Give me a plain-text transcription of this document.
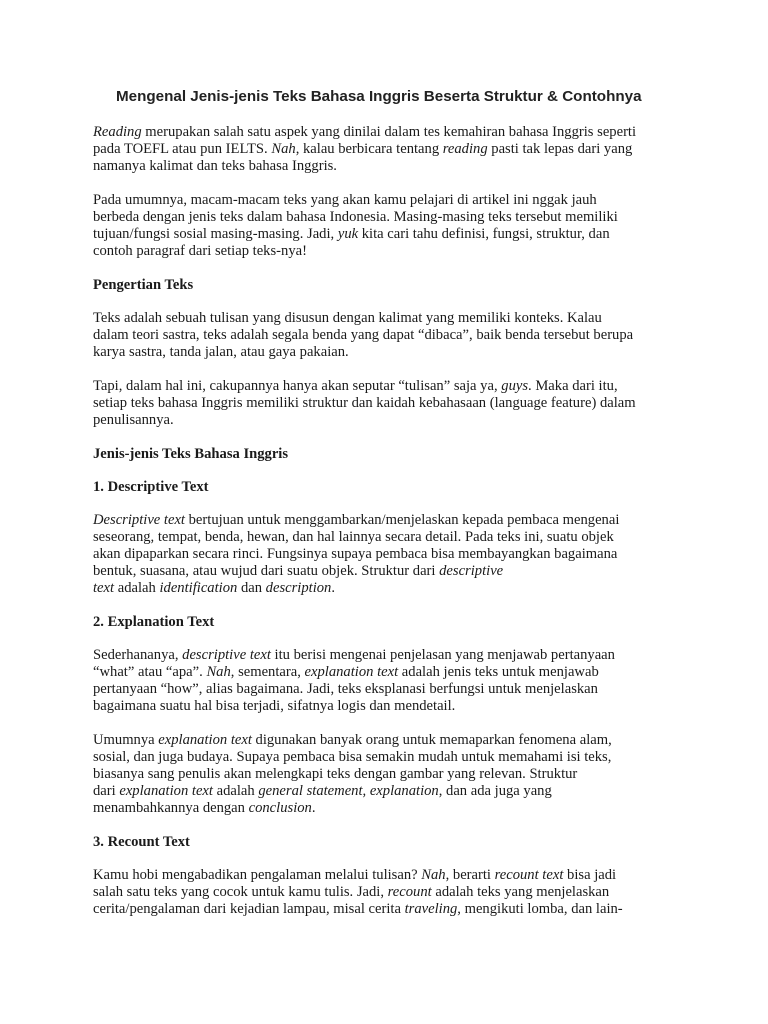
Mengenal Jenis-jenis Teks Bahasa Inggris Beserta Struktur & Contohnya

Reading merupakan salah satu aspek yang dinilai dalam tes kemahiran bahasa Inggris seperti
pada TOEFL atau pun IELTS. Nah, kalau berbicara tentang reading pasti tak lepas dari yang
namanya kalimat dan teks bahasa Inggris.

Pada umumnya, macam-macam teks yang akan kamu pelajari di artikel ini nggak jauh
berbeda dengan jenis teks dalam bahasa Indonesia. Masing-masing teks tersebut memiliki
tujuan/fungsi sosial masing-masing. Jadi, yuk kita cari tahu definisi, fungsi, struktur, dan
contoh paragraf dari setiap teks-nya!

Pengertian Teks

Teks adalah sebuah tulisan yang disusun dengan kalimat yang memiliki konteks. Kalau
dalam teori sastra, teks adalah segala benda yang dapat “dibaca”, baik benda tersebut berupa
karya sastra, tanda jalan, atau gaya pakaian.

Tapi, dalam hal ini, cakupannya hanya akan seputar “tulisan” saja ya, guys. Maka dari itu,
setiap teks bahasa Inggris memiliki struktur dan kaidah kebahasaan (language feature) dalam
penulisannya.

Jenis-jenis Teks Bahasa Inggris
1. Descriptive Text

Descriptive text bertujuan untuk menggambarkan/menjelaskan kepada pembaca mengenai
seseorang, tempat, benda, hewan, dan hal lainnya secara detail. Pada teks ini, suatu objek
akan dipaparkan secara rinci. Fungsinya supaya pembaca bisa membayangkan bagaimana
bentuk, suasana, atau wujud dari suatu objek. Struktur dari descriptive
text adalah identification dan description.

2. Explanation Text

Sederhananya, descriptive text itu berisi mengenai penjelasan yang menjawab pertanyaan
“what” atau “apa”. Nah, sementara, explanation text adalah jenis teks untuk menjawab
pertanyaan “how”, alias bagaimana. Jadi, teks eksplanasi berfungsi untuk menjelaskan
bagaimana suatu hal bisa terjadi, sifatnya logis dan mendetail.

Umumnya explanation text digunakan banyak orang untuk memaparkan fenomena alam,
sosial, dan juga budaya. Supaya pembaca bisa semakin mudah untuk memahami isi teks,
biasanya sang penulis akan melengkapi teks dengan gambar yang relevan. Struktur
dari explanation text adalah general statement, explanation, dan ada juga yang
menambahkannya dengan conclusion.

3. Recount Text

Kamu hobi mengabadikan pengalaman melalui tulisan? Nah, berarti recount text bisa jadi
salah satu teks yang cocok untuk kamu tulis. Jadi, recount adalah teks yang menjelaskan
cerita/pengalaman dari kejadian lampau, misal cerita traveling, mengikuti lomba, dan lain-
